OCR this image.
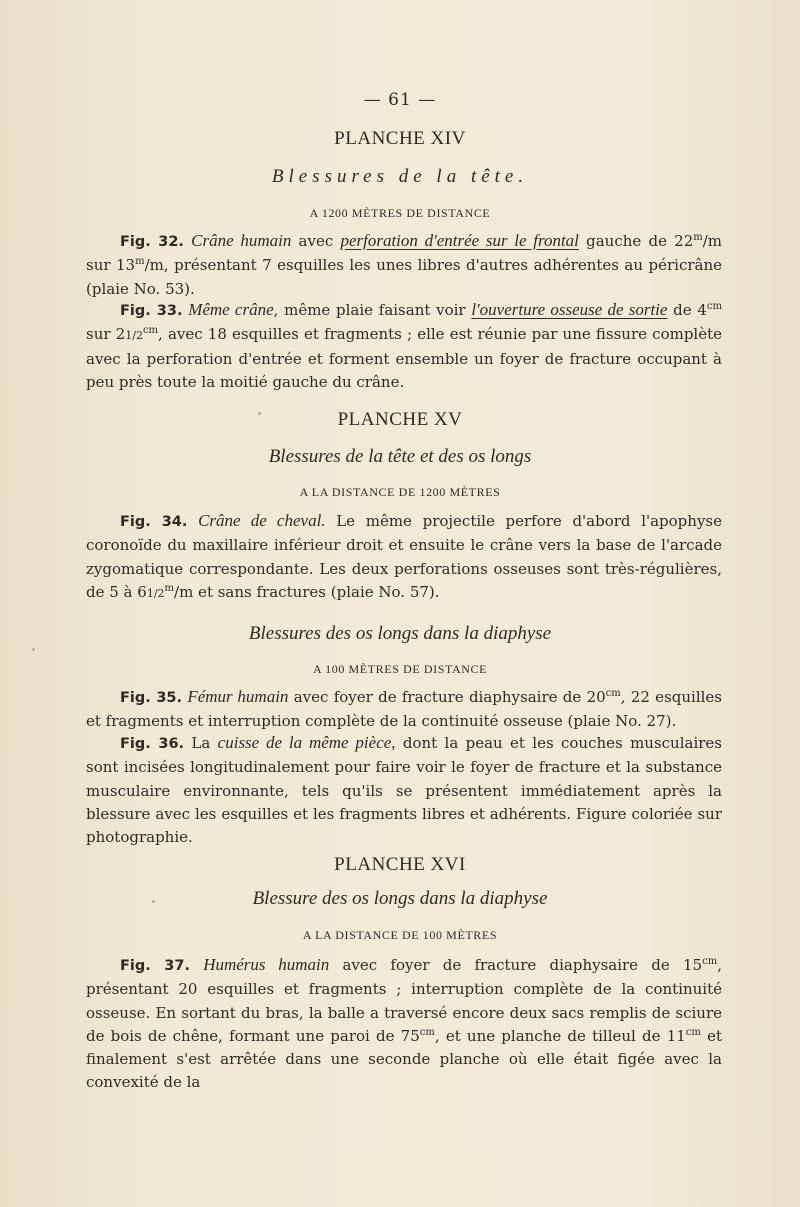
— 61 —
PLANCHE XIV
Blessures de la tête.
A 1200 MÈTRES DE DISTANCE

Fig. 32. Crâne humain avec perforation d'entrée sur le frontal gauche de 22$^m$/m sur 13$^m$/m, présentant 7 esquilles les unes libres d'autres adhérentes au péricrâne (plaie No. 53).

Fig. 33. Même crâne, même plaie faisant voir l'ouverture osseuse de sortie de $4^{cm}$ sur $21/2^{cm}$, avec 18 esquilles et fragments ; elle est réunie par une fissure complète avec la perforation d'entrée et forment ensemble un foyer de fracture occupant à peu près toute la moitié gauche du crâne.

PLANCHE XV
Blessures de la tête et des os longs
A LA DISTANCE DE 1200 MÈTRES

Fig. 34. Crâne de cheval. Le même projectile perfore d'abord l'apophyse coronoïde du maxillaire inférieur droit et ensuite le crâne vers la base de l'arcade zygomatique correspondante. Les deux perforations osseuses sont très-régulières, de 5 à 61/2$^m$/m et sans fractures (plaie No. 57).

Blessures des os longs dans la diaphyse
A 100 MÈTRES DE DISTANCE

Fig. 35. Fémur humain avec foyer de fracture diaphysaire de $20^{cm}$, 22 esquilles et fragments et interruption complète de la continuité osseuse (plaie No. 27).

Fig. 36. La cuisse de la même pièce, dont la peau et les couches musculaires sont incisées longitudinalement pour faire voir le foyer de fracture et la substance musculaire environnante, tels qu'ils se présentent immédiatement après la blessure avec les esquilles et les fragments libres et adhérents. Figure coloriée sur photographie.

PLANCHE XVI
Blessure des os longs dans la diaphyse
A LA DISTANCE DE 100 MÈTRES

Fig. 37. Humérus humain avec foyer de fracture diaphysaire de $15^{cm}$, présentant 20 esquilles et fragments ; interruption complète de la continuité osseuse. En sortant du bras, la balle a traversé encore deux sacs remplis de sciure de bois de chêne, formant une paroi de $75^{cm}$, et une planche de tilleul de $11^{cm}$ et finalement s'est arrêtée dans une seconde planche où elle était figée avec la convexité de la
